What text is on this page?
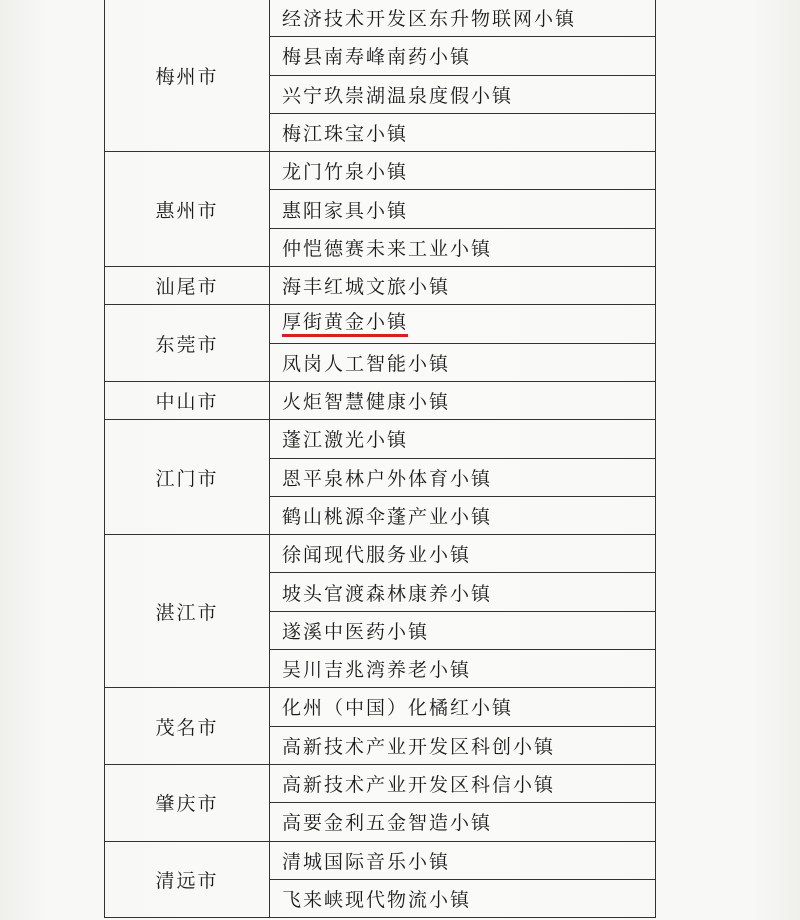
梅州市	经济技术开发区东升物联网小镇
	梅县南寿峰南药小镇
	兴宁玖崇湖温泉度假小镇
	梅江珠宝小镇
惠州市	龙门竹泉小镇
	惠阳家具小镇
	仲恺德赛未来工业小镇
汕尾市	海丰红城文旅小镇
东莞市	厚街黄金小镇
	凤岗人工智能小镇
中山市	火炬智慧健康小镇
江门市	蓬江激光小镇
	恩平泉林户外体育小镇
	鹤山桃源伞蓬产业小镇
湛江市	徐闻现代服务业小镇
	坡头官渡森林康养小镇
	遂溪中医药小镇
	吴川吉兆湾养老小镇
茂名市	化州（中国）化橘红小镇
	高新技术产业开发区科创小镇
肇庆市	高新技术产业开发区科信小镇
	高要金利五金智造小镇
清远市	清城国际音乐小镇
	飞来峡现代物流小镇
